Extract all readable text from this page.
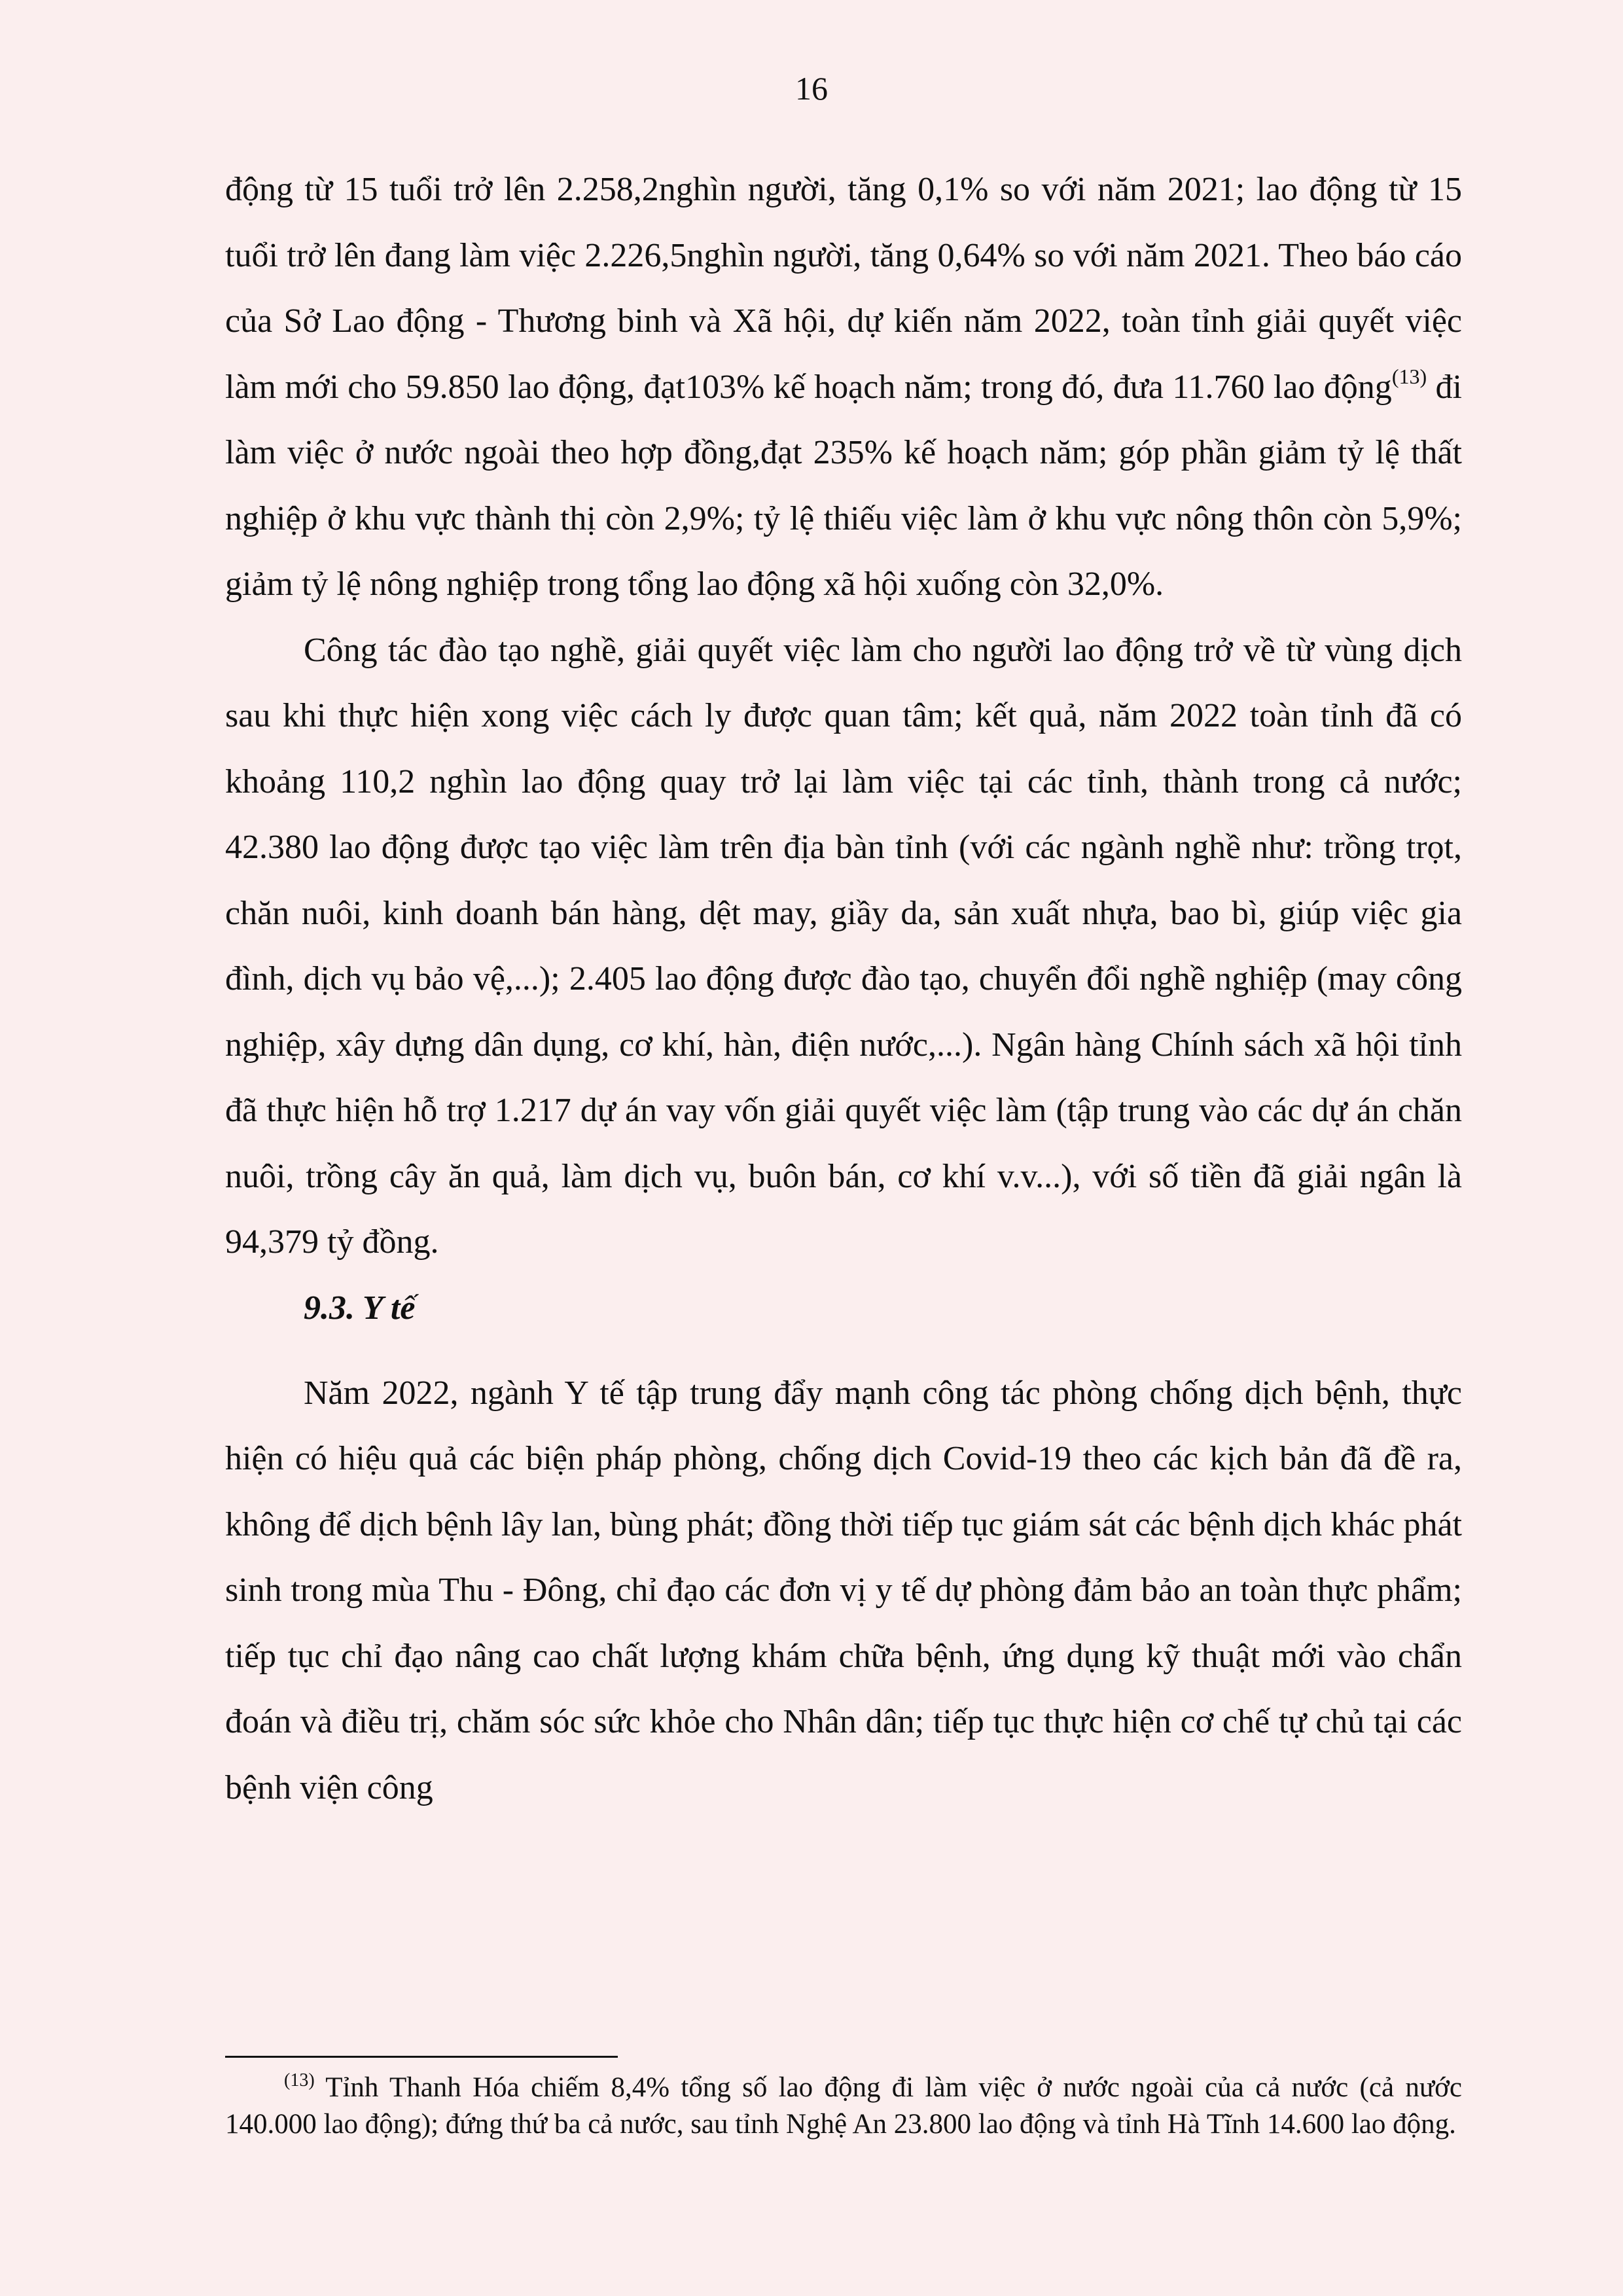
16

động từ 15 tuổi trở lên 2.258,2nghìn người, tăng 0,1% so với năm 2021; lao động từ 15 tuổi trở lên đang làm việc 2.226,5nghìn người, tăng 0,64% so với năm 2021. Theo báo cáo của Sở Lao động - Thương binh và Xã hội, dự kiến năm 2022, toàn tỉnh giải quyết việc làm mới cho 59.850 lao động, đạt103% kế hoạch năm; trong đó, đưa 11.760 lao động$^{(13)}$ đi làm việc ở nước ngoài theo hợp đồng,đạt 235% kế hoạch năm; góp phần giảm tỷ lệ thất nghiệp ở khu vực thành thị còn 2,9%; tỷ lệ thiếu việc làm ở khu vực nông thôn còn 5,9%; giảm tỷ lệ nông nghiệp trong tổng lao động xã hội xuống còn 32,0%.

Công tác đào tạo nghề, giải quyết việc làm cho người lao động trở về từ vùng dịch sau khi thực hiện xong việc cách ly được quan tâm; kết quả, năm 2022 toàn tỉnh đã có khoảng 110,2 nghìn lao động quay trở lại làm việc tại các tỉnh, thành trong cả nước; 42.380 lao động được tạo việc làm trên địa bàn tỉnh (với các ngành nghề như: trồng trọt, chăn nuôi, kinh doanh bán hàng, dệt may, giầy da, sản xuất nhựa, bao bì, giúp việc gia đình, dịch vụ bảo vệ,...); 2.405 lao động được đào tạo, chuyển đổi nghề nghiệp (may công nghiệp, xây dựng dân dụng, cơ khí, hàn, điện nước,...). Ngân hàng Chính sách xã hội tỉnh đã thực hiện hỗ trợ 1.217 dự án vay vốn giải quyết việc làm (tập trung vào các dự án chăn nuôi, trồng cây ăn quả, làm dịch vụ, buôn bán, cơ khí v.v...), với số tiền đã giải ngân là 94,379 tỷ đồng.

9.3. Y tế

Năm 2022, ngành Y tế tập trung đẩy mạnh công tác phòng chống dịch bệnh, thực hiện có hiệu quả các biện pháp phòng, chống dịch Covid-19 theo các kịch bản đã đề ra, không để dịch bệnh lây lan, bùng phát; đồng thời tiếp tục giám sát các bệnh dịch khác phát sinh trong mùa Thu - Đông, chỉ đạo các đơn vị y tế dự phòng đảm bảo an toàn thực phẩm; tiếp tục chỉ đạo nâng cao chất lượng khám chữa bệnh, ứng dụng kỹ thuật mới vào chẩn đoán và điều trị, chăm sóc sức khỏe cho Nhân dân; tiếp tục thực hiện cơ chế tự chủ tại các bệnh viện công

$^{(13)}$ Tỉnh Thanh Hóa chiếm 8,4% tổng số lao động đi làm việc ở nước ngoài của cả nước (cả nước 140.000 lao động); đứng thứ ba cả nước, sau tỉnh Nghệ An 23.800 lao động và tỉnh Hà Tĩnh 14.600 lao động.
